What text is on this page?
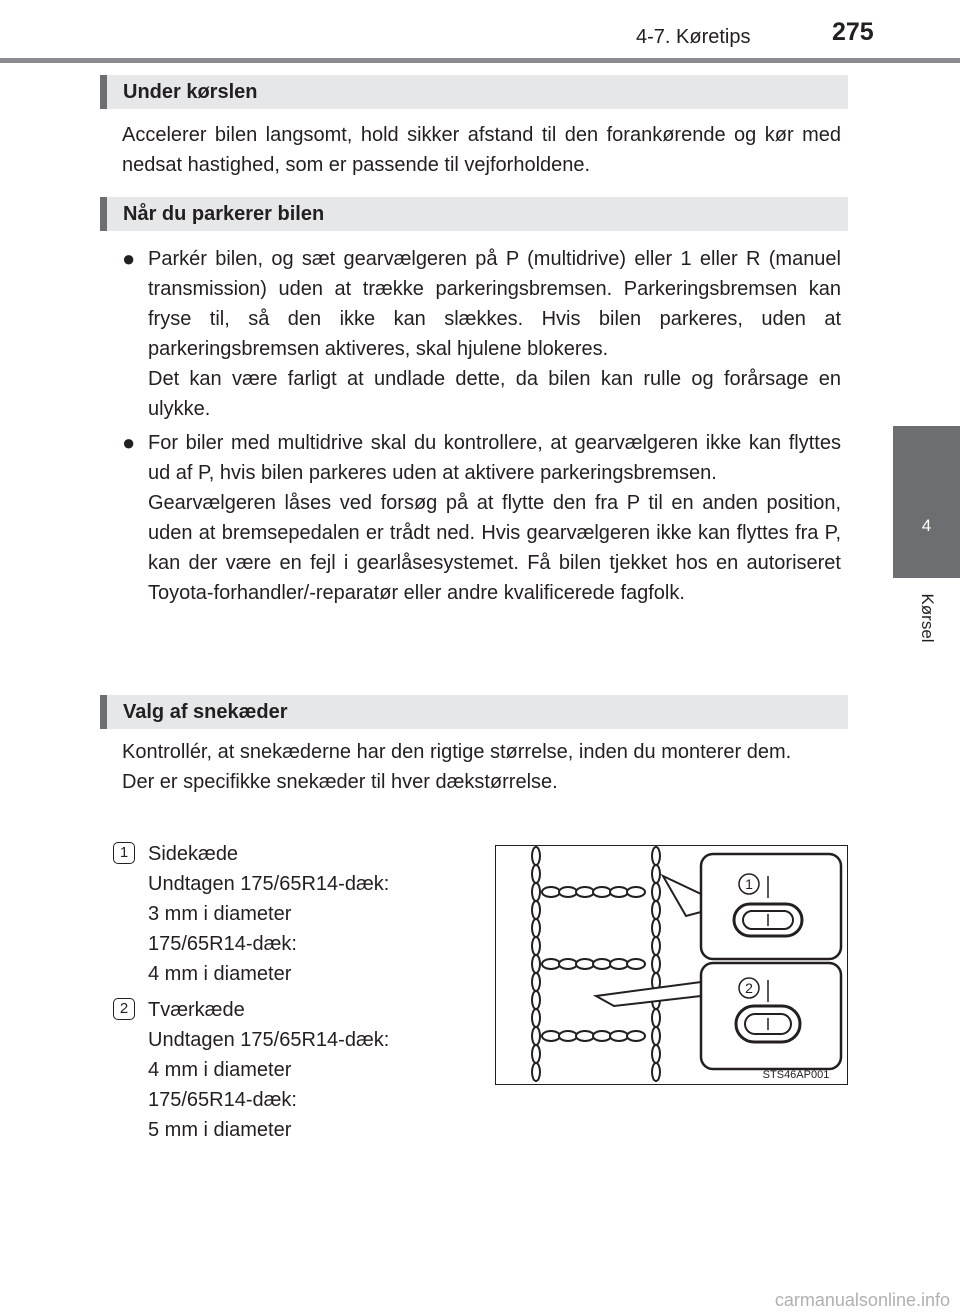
4-7. Køretips	275
4
Kørsel
Under kørslen
Accelerer bilen langsomt, hold sikker afstand til den forankørende og kør med nedsat hastighed, som er passende til vejforholdene.
Når du parkerer bilen
● Parkér bilen, og sæt gearvælgeren på P (multidrive) eller 1 eller R (manuel transmission) uden at trække parkeringsbremsen. Parkeringsbremsen kan fryse til, så den ikke kan slækkes. Hvis bilen parkeres, uden at parkeringsbremsen aktiveres, skal hjulene blokeres.

Det kan være farligt at undlade dette, da bilen kan rulle og forårsage en ulykke.

● For biler med multidrive skal du kontrollere, at gearvælgeren ikke kan flyttes ud af P, hvis bilen parkeres uden at aktivere parkeringsbremsen.

Gearvælgeren låses ved forsøg på at flytte den fra P til en anden position, uden at bremsepedalen er trådt ned. Hvis gearvælgeren ikke kan flyttes fra P, kan der være en fejl i gearlåsesystemet. Få bilen tjekket hos en autoriseret Toyota-forhandler/-reparatør eller andre kvalificerede fagfolk.

Valg af snekæder
Kontrollér, at snekæderne har den rigtige størrelse, inden du monterer dem.
Der er specifikke snekæder til hver dækstørrelse.
1 Sidekæde
Undtagen 175/65R14-dæk:
3 mm i diameter
175/65R14-dæk:
4 mm i diameter
2 Tværkæde
Undtagen 175/65R14-dæk:
4 mm i diameter
175/65R14-dæk:
5 mm i diameter
1
2
STS46AP001
carmanualsonline.info
